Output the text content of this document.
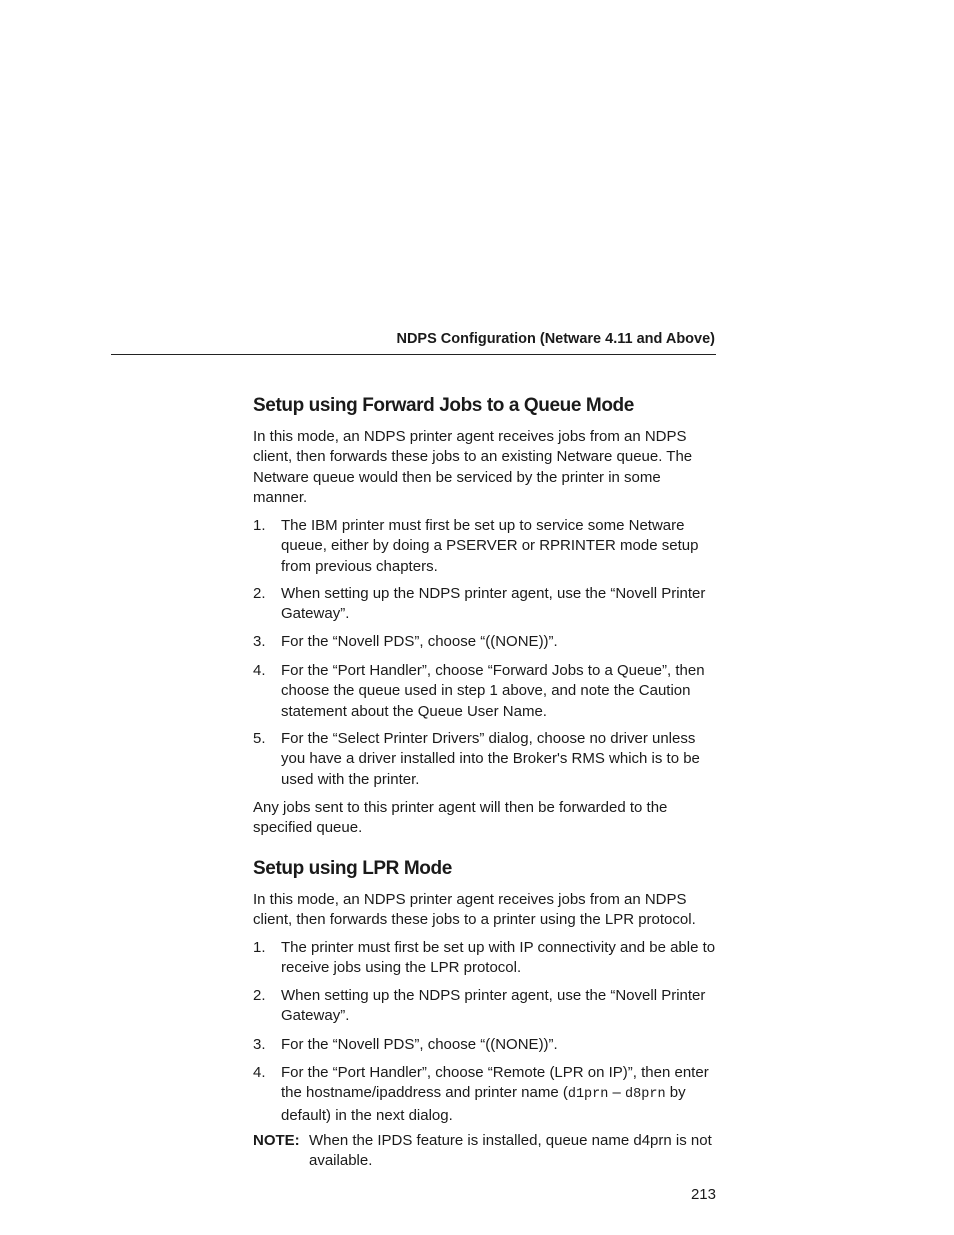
NDPS Configuration (Netware 4.11 and Above)
Setup using Forward Jobs to a Queue Mode

In this mode, an NDPS printer agent receives jobs from an NDPS client, then forwards these jobs to an existing Netware queue. The Netware queue would then be serviced by the printer in some manner.

1. The IBM printer must first be set up to service some Netware queue, either by doing a PSERVER or RPRINTER mode setup from previous chapters.
2. When setting up the NDPS printer agent, use the “Novell Printer Gateway”.
3. For the “Novell PDS”, choose “((NONE))”.
4. For the “Port Handler”, choose “Forward Jobs to a Queue”, then choose the queue used in step 1 above, and note the Caution statement about the Queue User Name.
5. For the “Select Printer Drivers” dialog, choose no driver unless you have a driver installed into the Broker's RMS which is to be used with the printer.

Any jobs sent to this printer agent will then be forwarded to the specified queue.

Setup using LPR Mode

In this mode, an NDPS printer agent receives jobs from an NDPS client, then forwards these jobs to a printer using the LPR protocol.

1. The printer must first be set up with IP connectivity and be able to receive jobs using the LPR protocol.
2. When setting up the NDPS printer agent, use the “Novell Printer Gateway”.
3. For the “Novell PDS”, choose “((NONE))”.
4. For the “Port Handler”, choose “Remote (LPR on IP)”, then enter the hostname/ipaddress and printer name (d1prn – d8prn by default) in the next dialog.
NOTE: When the IPDS feature is installed, queue name d4prn is not available.
213
